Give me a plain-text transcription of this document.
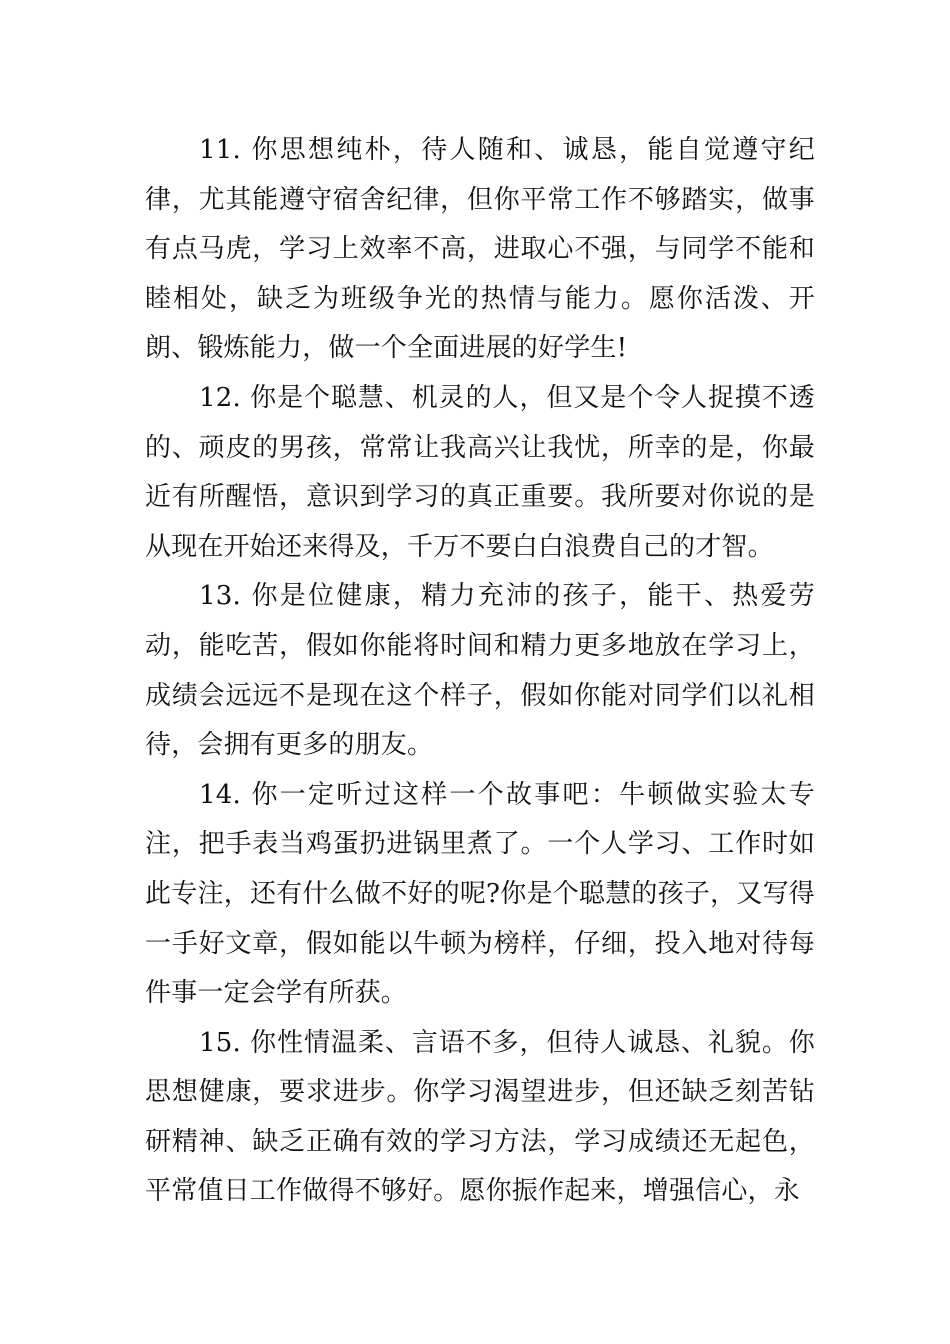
11. 你思想纯朴，待人随和、诚恳，能自觉遵守纪律，尤其能遵守宿舍纪律，但你平常工作不够踏实，做事有点马虎，学习上效率不高，进取心不强，与同学不能和睦相处，缺乏为班级争光的热情与能力。愿你活泼、开朗、锻炼能力，做一个全面进展的好学生!

12. 你是个聪慧、机灵的人，但又是个令人捉摸不透的、顽皮的男孩，常常让我高兴让我忧，所幸的是，你最近有所醒悟，意识到学习的真正重要。我所要对你说的是从现在开始还来得及，千万不要白白浪费自己的才智。

13. 你是位健康，精力充沛的孩子，能干、热爱劳动，能吃苦，假如你能将时间和精力更多地放在学习上，成绩会远远不是现在这个样子，假如你能对同学们以礼相待，会拥有更多的朋友。

14. 你一定听过这样一个故事吧：牛顿做实验太专注，把手表当鸡蛋扔进锅里煮了。一个人学习、工作时如此专注，还有什么做不好的呢?你是个聪慧的孩子，又写得一手好文章，假如能以牛顿为榜样，仔细，投入地对待每件事一定会学有所获。

15. 你性情温柔、言语不多，但待人诚恳、礼貌。你思想健康，要求进步。你学习渴望进步，但还缺乏刻苦钻研精神、缺乏正确有效的学习方法，学习成绩还无起色，平常值日工作做得不够好。愿你振作起来，增强信心，永
